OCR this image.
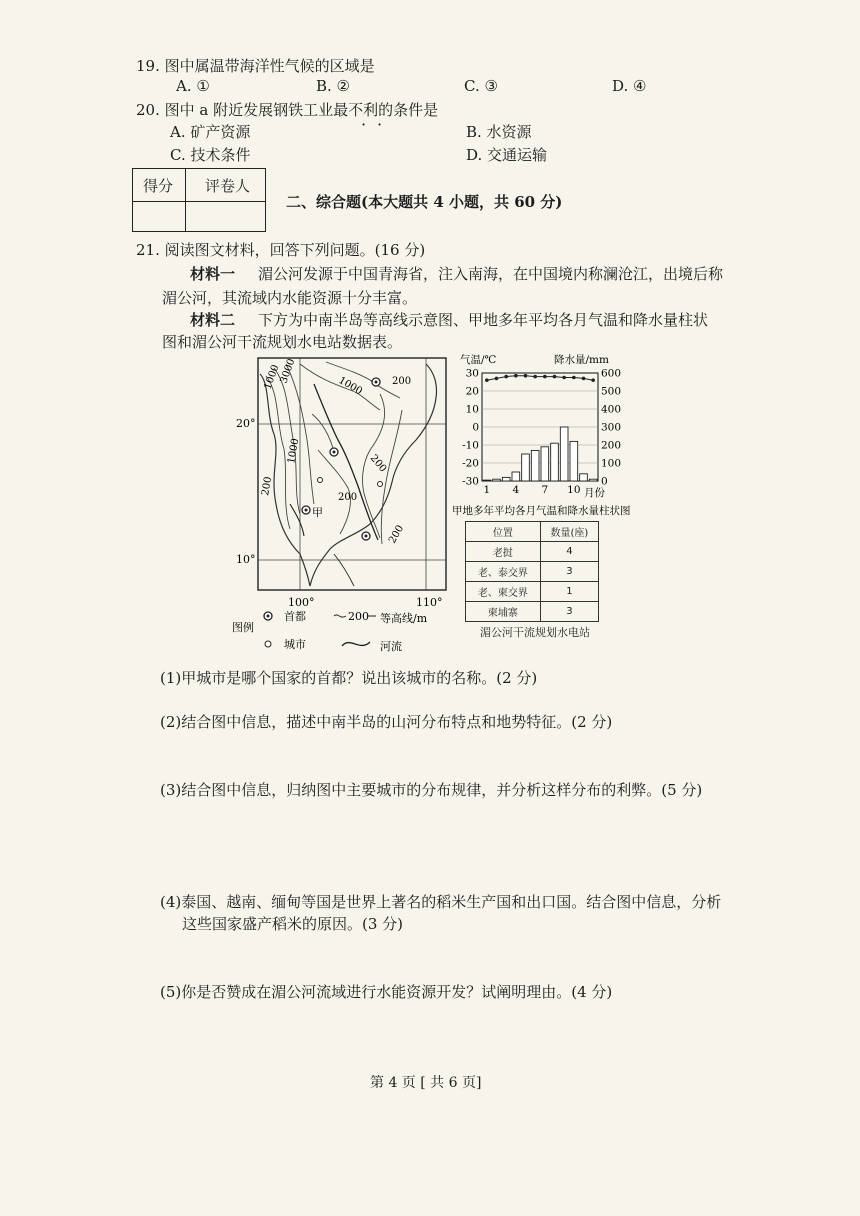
19. 图中属温带海洋性气候的区域是
A. ①	B. ②	C. ③	D. ④
20. 图中 a 附近发展钢铁工业最不利的条件是
· ·
A. 矿产资源	B. 水资源
C. 技术条件	D. 交通运输
得分 评卷人
二、综合题(本大题共 4 小题，共 60 分)
21. 阅读图文材料，回答下列问题。(16 分)
材料一 湄公河发源于中国青海省，注入南海，在中国境内称澜沧江，出境后称
湄公河，其流域内水能资源十分丰富。
材料二 下方为中南半岛等高线示意图、甲地多年平均各月气温和降水量柱状
图和湄公河干流规划水电站数据表。
1000
3000
1000	200
1000	200
200
200
200
甲
20°
10°
100°	110°
图例
首都	200 等高线/m
城市	河流
气温/℃	降水量/mm
30	600
20	500
10	400
0	300
-10	200
-20	100
-30	0
1 4 7 10 月份
甲地多年平均各月气温和降水量柱状图
位置	数量(座)
老挝	4
老、泰交界	3
老、柬交界	1
柬埔寨	3
湄公河干流规划水电站
(1)甲城市是哪个国家的首都？说出该城市的名称。(2 分)
(2)结合图中信息，描述中南半岛的山河分布特点和地势特征。(2 分)
(3)结合图中信息，归纳图中主要城市的分布规律，并分析这样分布的利弊。(5 分)
(4)泰国、越南、缅甸等国是世界上著名的稻米生产国和出口国。结合图中信息，分析
这些国家盛产稻米的原因。(3 分)
(5)你是否赞成在湄公河流域进行水能资源开发？试阐明理由。(4 分)
第 4 页 [ 共 6 页]
